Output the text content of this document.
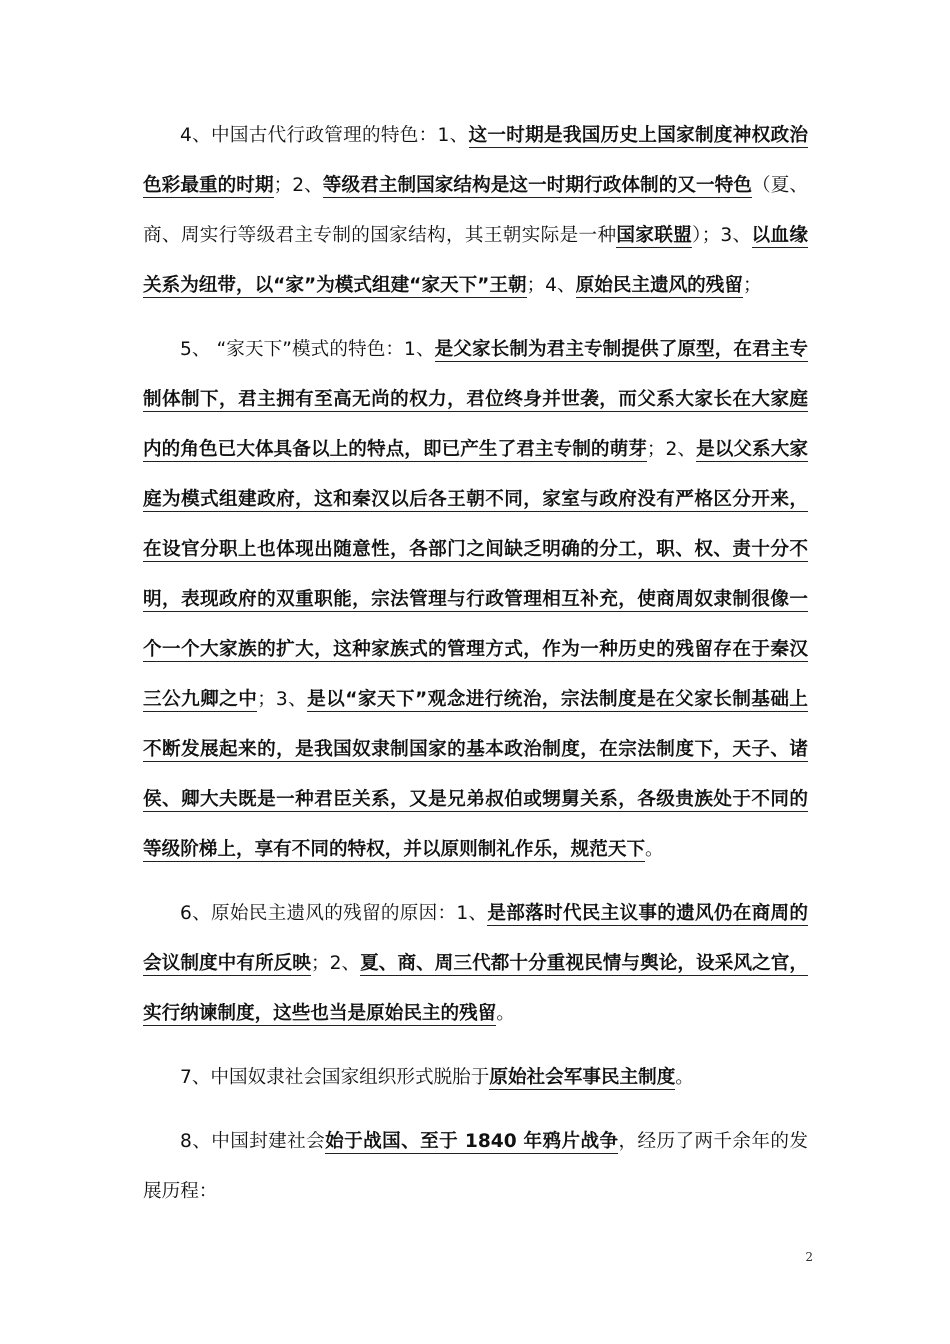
4、中国古代行政管理的特色：1、这一时期是我国历史上国家制度神权政治色彩最重的时期；2、等级君主制国家结构是这一时期行政体制的又一特色（夏、商、周实行等级君主专制的国家结构，其王朝实际是一种国家联盟）；3、以血缘关系为纽带，以“家”为模式组建“家天下”王朝；4、原始民主遗风的残留；

5、 “家天下”模式的特色：1、是父家长制为君主专制提供了原型，在君主专制体制下，君主拥有至高无尚的权力，君位终身并世袭，而父系大家长在大家庭内的角色已大体具备以上的特点，即已产生了君主专制的萌芽；2、是以父系大家庭为模式组建政府，这和秦汉以后各王朝不同，家室与政府没有严格区分开来，在设官分职上也体现出随意性，各部门之间缺乏明确的分工，职、权、责十分不明，表现政府的双重职能，宗法管理与行政管理相互补充，使商周奴隶制很像一个一个大家族的扩大，这种家族式的管理方式，作为一种历史的残留存在于秦汉三公九卿之中；3、是以“家天下”观念进行统治，宗法制度是在父家长制基础上不断发展起来的，是我国奴隶制国家的基本政治制度，在宗法制度下，天子、诸侯、卿大夫既是一种君臣关系，又是兄弟叔伯或甥舅关系，各级贵族处于不同的等级阶梯上，享有不同的特权，并以原则制礼作乐，规范天下。

6、原始民主遗风的残留的原因：1、是部落时代民主议事的遗风仍在商周的会议制度中有所反映；2、夏、商、周三代都十分重视民情与舆论，设采风之官，实行纳谏制度，这些也当是原始民主的残留。

7、中国奴隶社会国家组织形式脱胎于原始社会军事民主制度。

8、中国封建社会始于战国、至于 1840 年鸦片战争，经历了两千余年的发展历程：

2
